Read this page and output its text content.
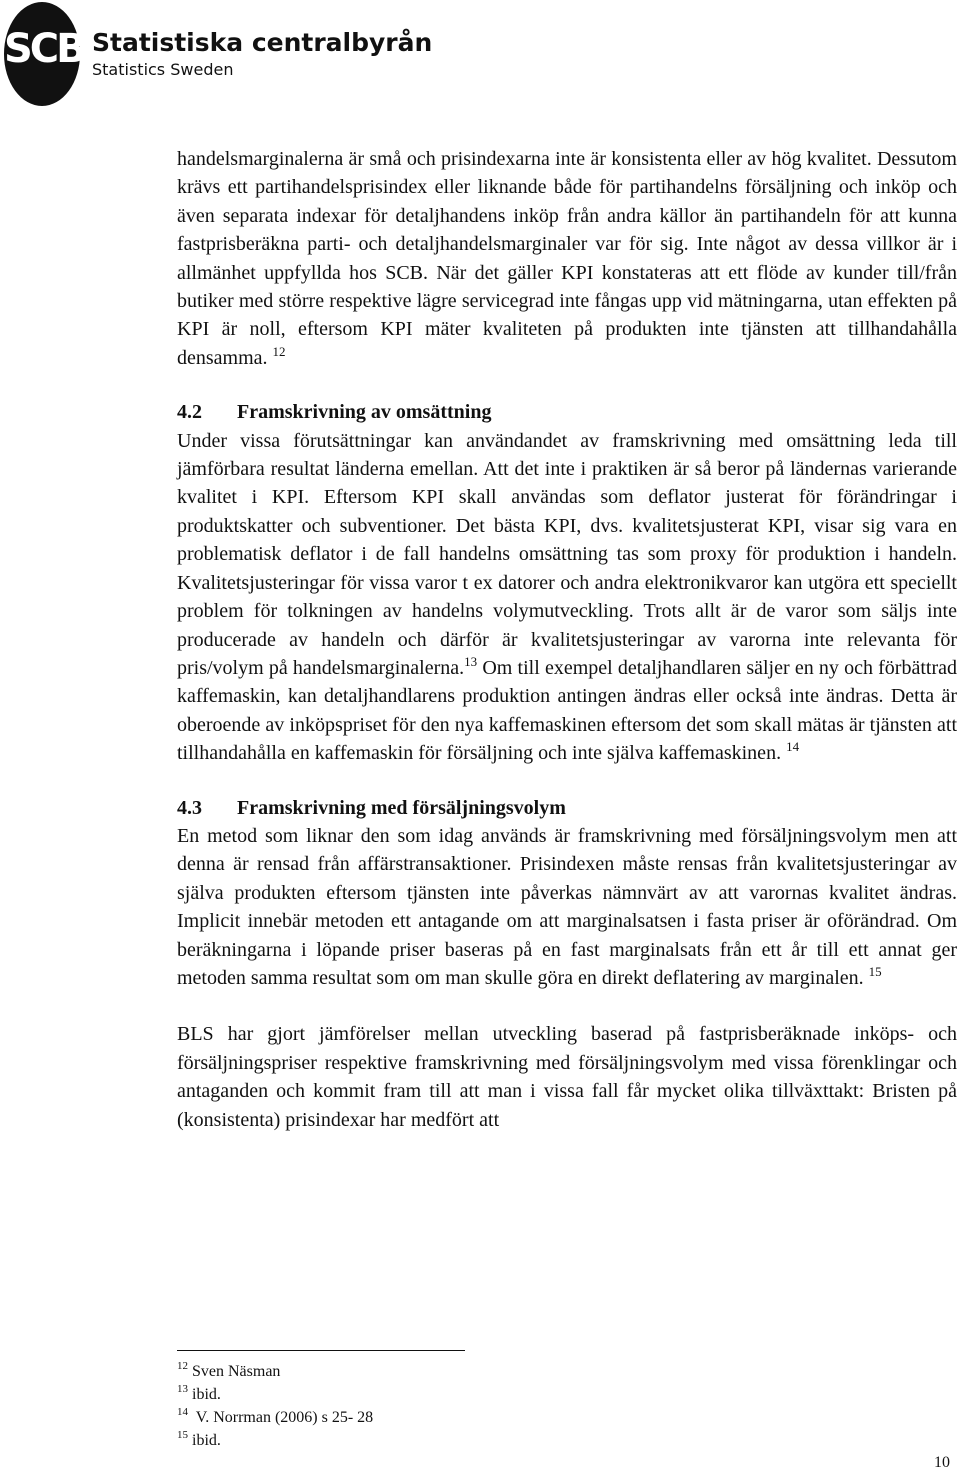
SCB Statistiska centralbyrån
Statistics Sweden

handelsmarginalerna är små och prisindexarna inte är konsistenta eller av hög kvalitet. Dessutom krävs ett partihandelsprisindex eller liknande både för partihandelns försäljning och inköp och även separata indexar för detaljhandens inköp från andra källor än partihandeln för att kunna fastprisberäkna parti- och detaljhandelsmarginaler var för sig. Inte något av dessa villkor är i allmänhet uppfyllda hos SCB. När det gäller KPI konstateras att ett flöde av kunder till/från butiker med större respektive lägre servicegrad inte fångas upp vid mätningarna, utan effekten på KPI är noll, eftersom KPI mäter kvaliteten på produkten inte tjänsten att tillhandahålla densamma. $^{12}$

4.2 Framskrivning av omsättning

Under vissa förutsättningar kan användandet av framskrivning med omsättning leda till jämförbara resultat länderna emellan. Att det inte i praktiken är så beror på ländernas varierande kvalitet i KPI. Eftersom KPI skall användas som deflator justerat för förändringar i produktskatter och subventioner. Det bästa KPI, dvs. kvalitetsjusterat KPI, visar sig vara en problematisk deflator i de fall handelns omsättning tas som proxy för produktion i handeln. Kvalitetsjusteringar för vissa varor t ex datorer och andra elektronikvaror kan utgöra ett speciellt problem för tolkningen av handelns volymutveckling. Trots allt är de varor som säljs inte producerade av handeln och därför är kvalitetsjusteringar av varorna inte relevanta för pris/volym på handelsmarginalerna.$^{13}$ Om till exempel detaljhandlaren säljer en ny och förbättrad kaffemaskin, kan detaljhandlarens produktion antingen ändras eller också inte ändras. Detta är oberoende av inköpspriset för den nya kaffemaskinen eftersom det som skall mätas är tjänsten att tillhandahålla en kaffemaskin för försäljning och inte själva kaffemaskinen. $^{14}$

4.3 Framskrivning med försäljningsvolym

En metod som liknar den som idag används är framskrivning med försäljningsvolym men att denna är rensad från affärstransaktioner. Prisindexen måste rensas från kvalitetsjusteringar av själva produkten eftersom tjänsten inte påverkas nämnvärt av att varornas kvalitet ändras. Implicit innebär metoden ett antagande om att marginalsatsen i fasta priser är oförändrad. Om beräkningarna i löpande priser baseras på en fast marginalsats från ett år till ett annat ger metoden samma resultat som om man skulle göra en direkt deflatering av marginalen. $^{15}$

BLS har gjort jämförelser mellan utveckling baserad på fastprisberäknade inköps- och försäljningspriser respektive framskrivning med försäljningsvolym med vissa förenklingar och antaganden och kommit fram till att man i vissa fall får mycket olika tillväxttakt: Bristen på (konsistenta) prisindexar har medfört att

$^{12}$ Sven Näsman
$^{13}$ ibid.
$^{14}$ V. Norrman (2006) s 25- 28
$^{15}$ ibid.
10
